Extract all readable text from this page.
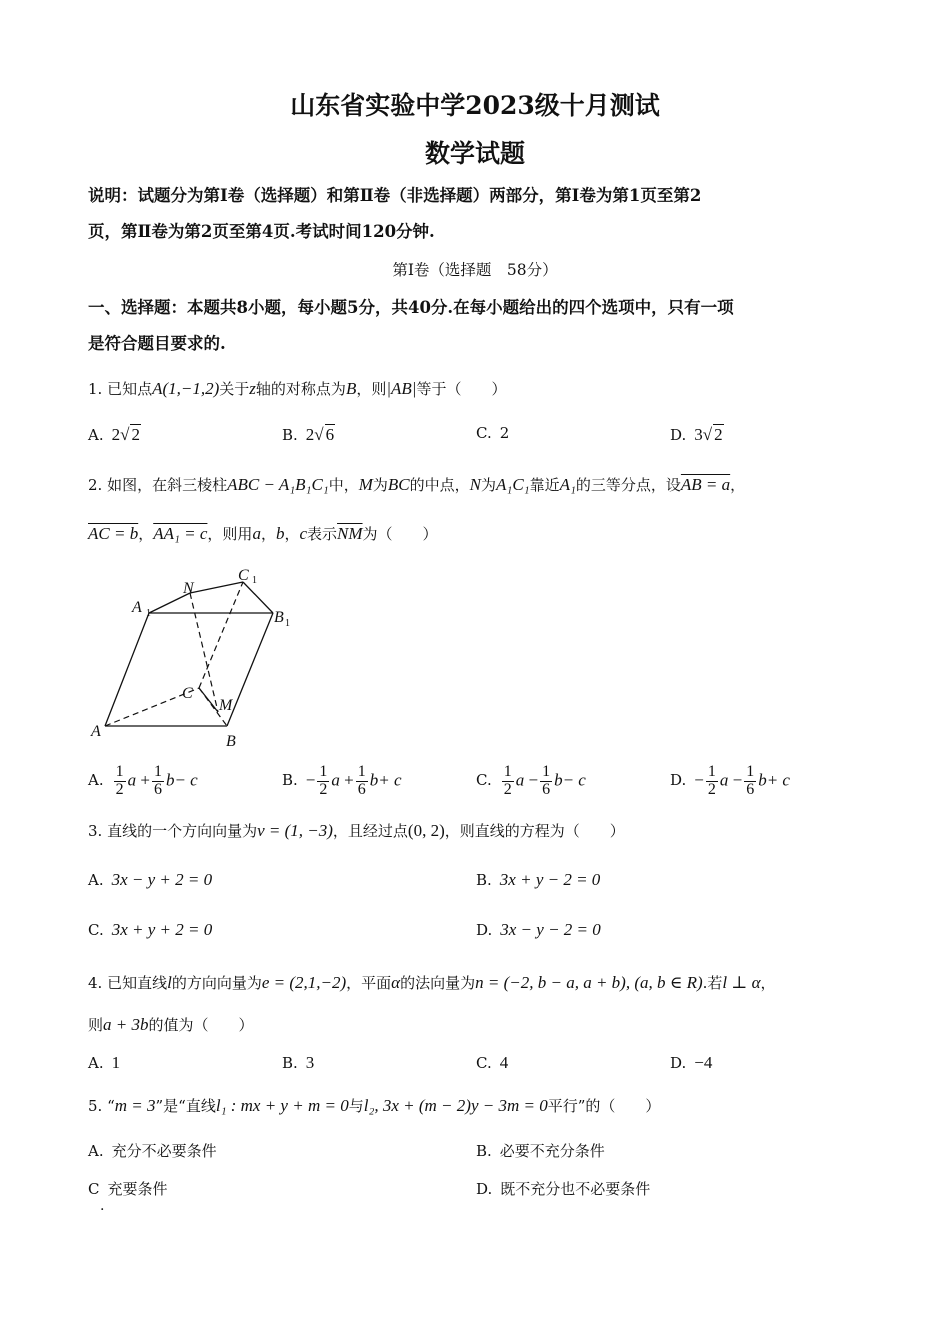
山东省实验中学2023级十月测试
数学试题
说明：试题分为第Ⅰ卷（选择题）和第Ⅱ卷（非选择题）两部分，第Ⅰ卷为第1页至第2
页，第Ⅱ卷为第2页至第4页.考试时间120分钟.
第Ⅰ卷（选择题　58分）
一、选择题：本题共8小题，每小题5分，共40分.在每小题给出的四个选项中，只有一项
是符合题目要求的.
1. 已知点A(1,−1,2)关于z轴的对称点为B，则|AB|等于（　　）
A. 2√ 2	B. 2√ 6	C. 2	D. 3√ 2
2. 如图，在斜三棱柱ABC − A₁B₁C₁中，M为BC的中点，N为A₁C₁靠近A₁的三等分点，设AB = a，
AC = b，AA₁ = c，则用a，b，c表示$\overline{NM}$为（　　）
A 1
N
C 1
B 1
C
M
A
B
A. $\frac{1}{2}$ $a + \frac{1}{6} b- c$	B. − $\frac{1}{2}$ $a + \frac{1}{6} b+ c$	C. $\frac{1}{2}$ $a - \frac{1}{6} b- c$	D. − $\frac{1}{2}$ $a - \frac{1}{6} b+ c$
3. 直线的一个方向向量为v = (1, −3)，且经过点(0, 2)，则直线的方程为（　　）
A. 3x − y + 2 = 0	B. 3x + y − 2 = 0
C. 3x + y + 2 = 0	D. 3x − y − 2 = 0
4. 已知直线l的方向向量为e = (2,1,−2)，平面α的法向量为n = (−2, b − a, a + b), (a, b ∈ R).若l ⊥ α，
则a + 3b的值为（　　）
A. 1	B. 3	C. 4	D. −4
5. “m = 3”是“直线l₁ : mx + y + m = 0与l₂, 3x + (m − 2)y − 3m = 0平行”的（　　）
A. 充分不必要条件	B. 必要不充分条件
C 充要条件	D. 既不充分也不必要条件
.
